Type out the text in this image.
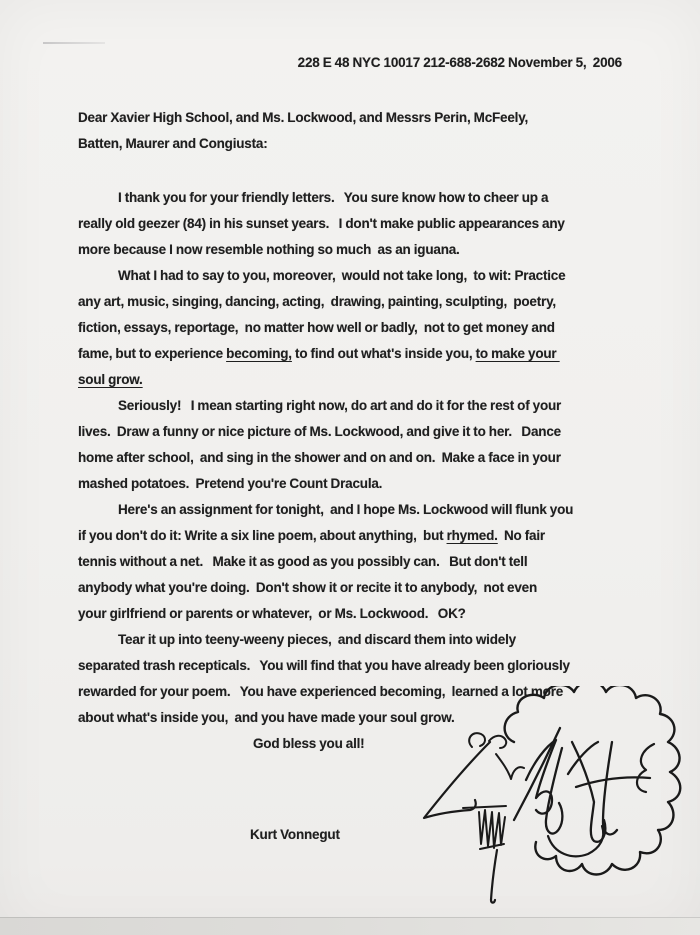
228 E 48 NYC 10017 212-688-2682 November 5,  2006
Dear Xavier High School, and Ms. Lockwood, and Messrs Perin, McFeely,
Batten, Maurer and Congiusta:
I thank you for your friendly letters.   You sure know how to cheer up a
really old geezer (84) in his sunset years.   I don't make public appearances any
more because I now resemble nothing so much  as an iguana.
What I had to say to you, moreover,  would not take long,  to wit: Practice
any art, music, singing, dancing, acting,  drawing, painting, sculpting,  poetry,
fiction, essays, reportage,  no matter how well or badly,  not to get money and
fame, but to experience becoming, to find out what's inside you, to make your
soul grow.
Seriously!   I mean starting right now, do art and do it for the rest of your
lives.  Draw a funny or nice picture of Ms. Lockwood, and give it to her.   Dance
home after school,  and sing in the shower and on and on.  Make a face in your
mashed potatoes.  Pretend you're Count Dracula.
Here's an assignment for tonight,  and I hope Ms. Lockwood will flunk you
if you don't do it: Write a six line poem, about anything,  but rhymed.  No fair
tennis without a net.   Make it as good as you possibly can.   But don't tell
anybody what you're doing.  Don't show it or recite it to anybody,  not even
your girlfriend or parents or whatever,  or Ms. Lockwood.   OK?
Tear it up into teeny-weeny pieces,  and discard them into widely
separated trash recepticals.   You will find that you have already been gloriously
rewarded for your poem.   You have experienced becoming,  learned a lot more
about what's inside you,  and you have made your soul grow.
God bless you all!
Kurt Vonnegut
